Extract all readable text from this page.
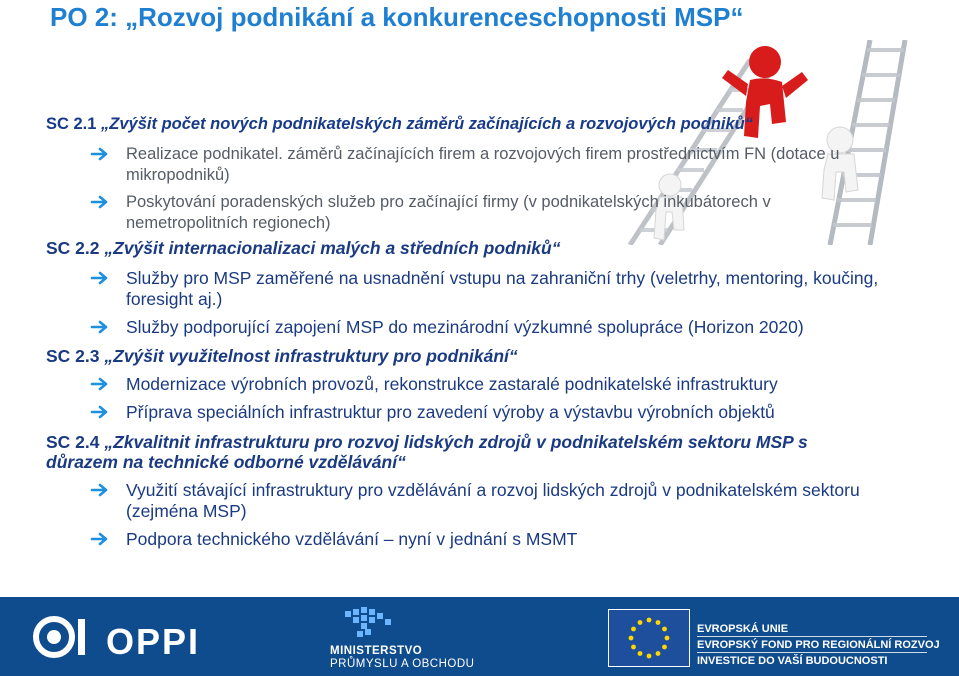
PO 2: „Rozvoj podnikání a konkurenceschopnosti MSP“
SC 2.1 „Zvýšit počet nových podnikatelských záměrů začínajících a rozvojových podniků“
Realizace podnikatel. záměrů začínajících firem a rozvojových firem prostřednictvím FN (dotace u mikropodniků)
Poskytování poradenských služeb pro začínající firmy (v podnikatelských inkubátorech v nemetropolitních regionech)
SC 2.2 „Zvýšit internacionalizaci malých a středních podniků“
Služby pro MSP zaměřené na usnadnění vstupu na zahraniční trhy (veletrhy, mentoring, koučing, foresight aj.)
Služby podporující zapojení MSP do mezinárodní výzkumné spolupráce (Horizon 2020)
SC 2.3 „Zvýšit využitelnost infrastruktury pro podnikání“
Modernizace výrobních provozů, rekonstrukce zastaralé podnikatelské infrastruktury
Příprava speciálních infrastruktur pro zavedení výroby a výstavbu výrobních objektů
SC 2.4 „Zkvalitnit infrastrukturu pro rozvoj lidských zdrojů v podnikatelském sektoru MSP s důrazem na technické odborné vzdělávání“
Využití stávající infrastruktury pro vzdělávání a rozvoj lidských zdrojů v podnikatelském sektoru (zejména MSP)
Podpora technického vzdělávání – nyní v jednání s MSMT
OPPI	MINISTERSTVO
PRŮMYSLU A OBCHODU
EVROPSKÁ UNIE
EVROPSKÝ FOND PRO REGIONÁLNÍ ROZVOJ
INVESTICE DO VAŠÍ BUDOUCNOSTI
